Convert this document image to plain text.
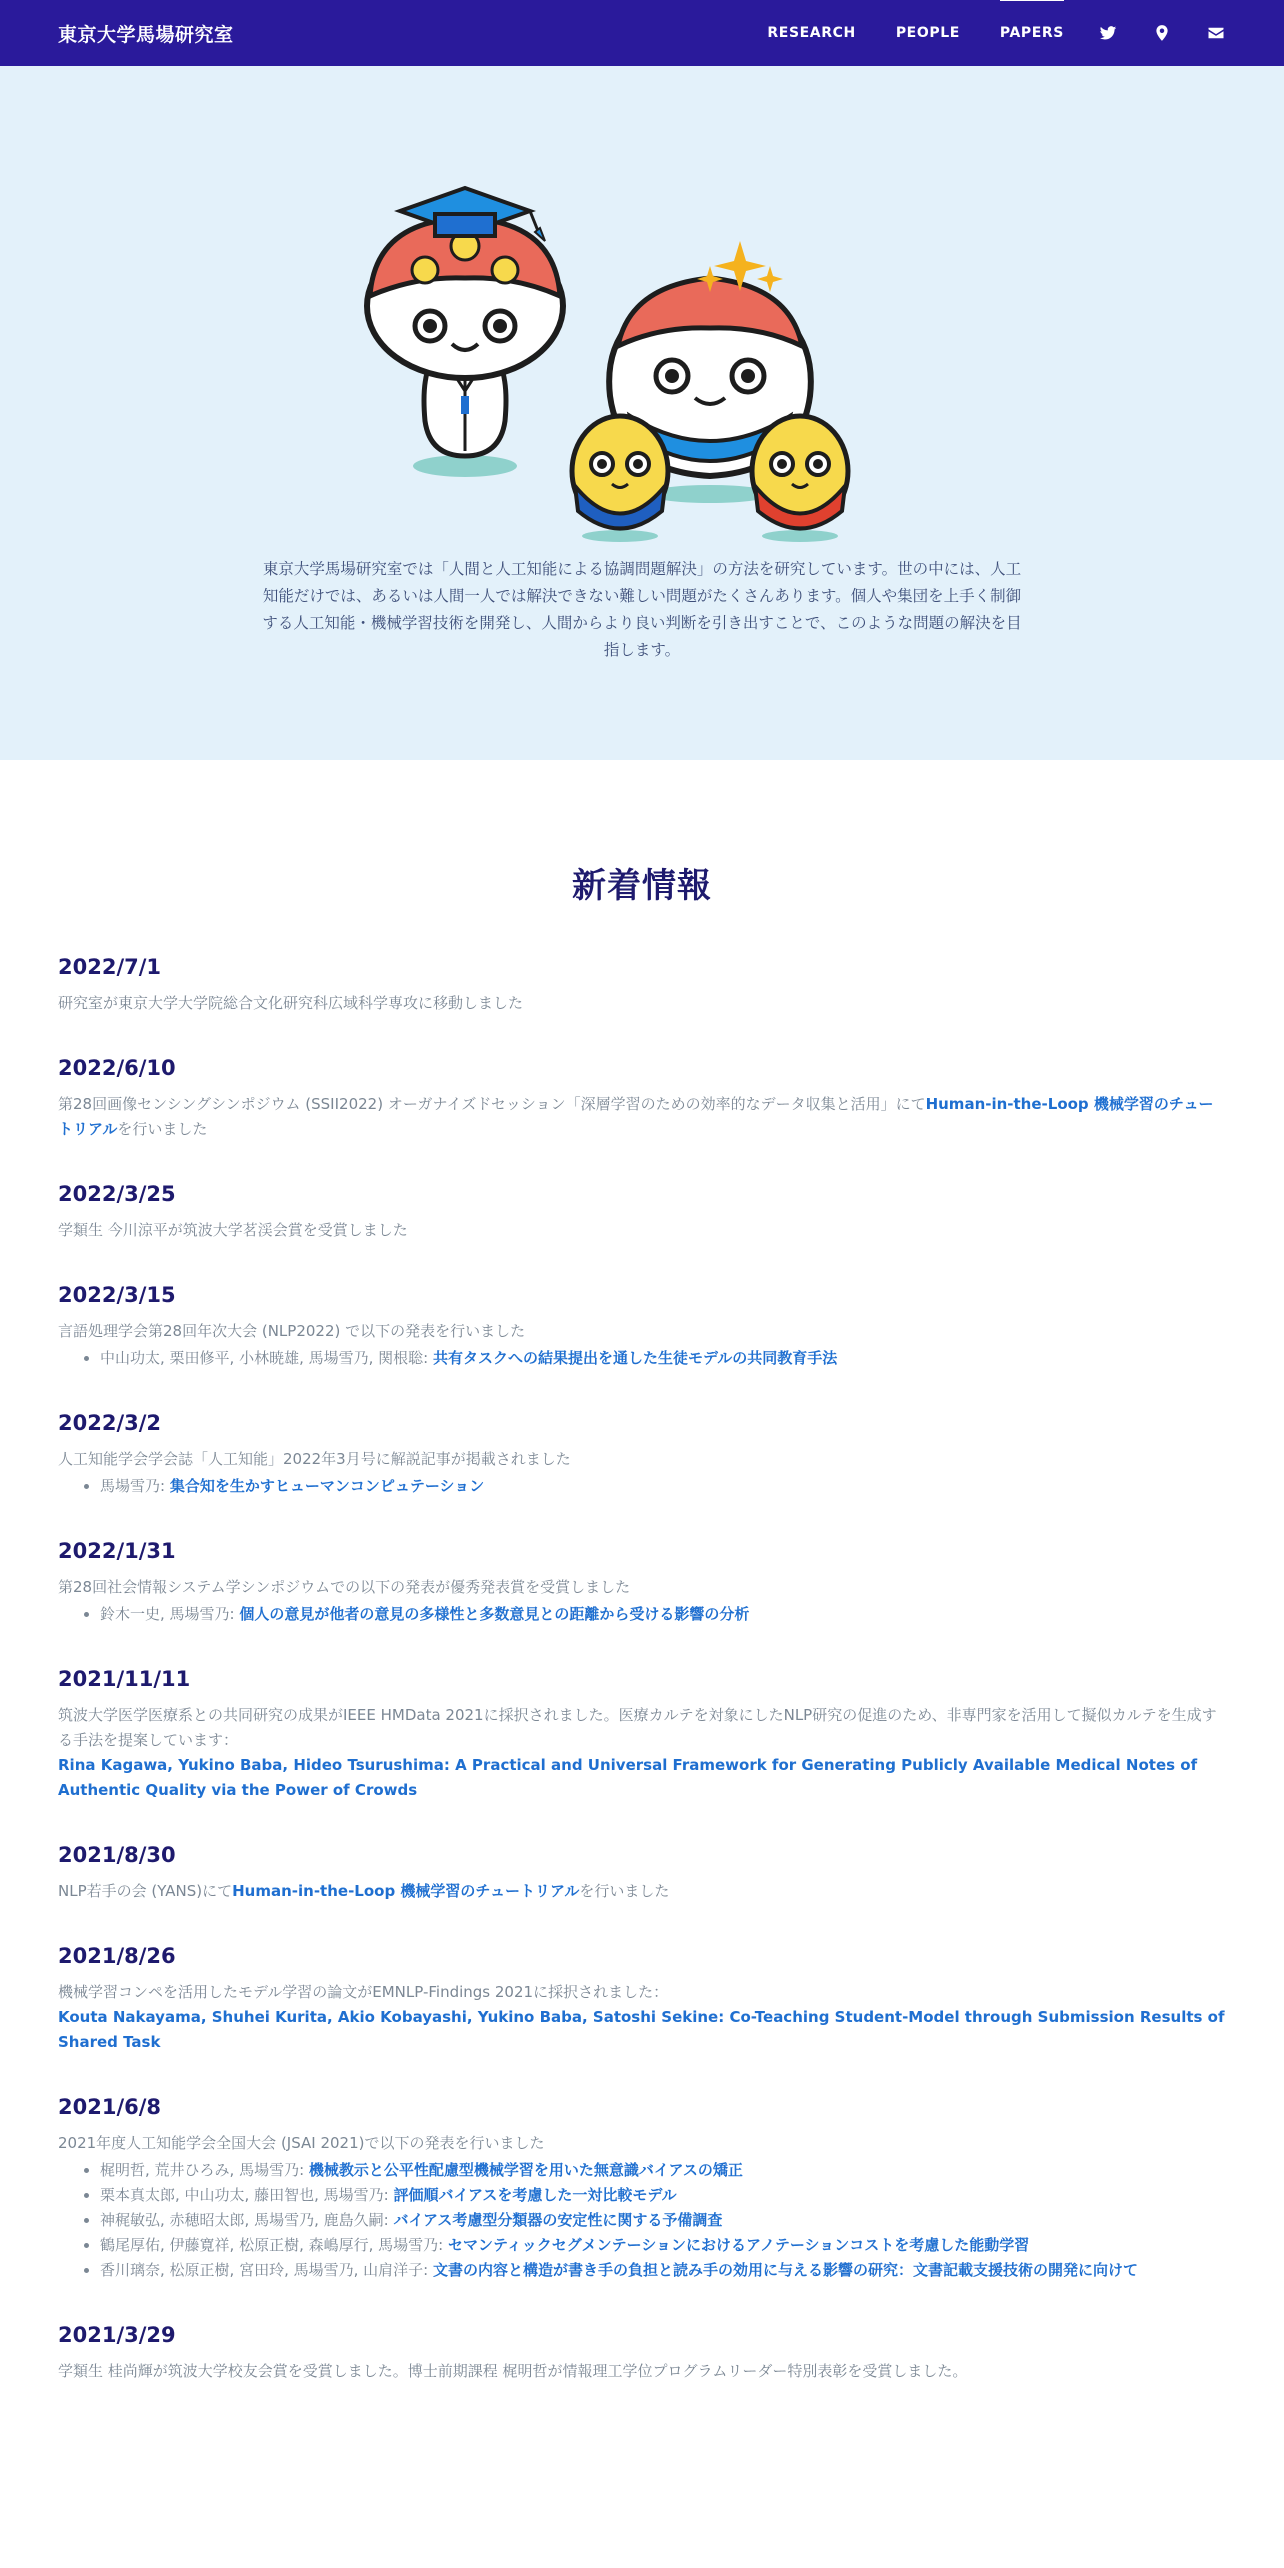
東京大学馬場研究室	RESEARCH	PEOPLE	PAPERS
東京大学馬場研究室では「人間と人工知能による協調問題解決」の方法を研究しています。世の中には、人工知能だけでは、あるいは人間一人では解決できない難しい問題がたくさんあります。個人や集団を上手く制御する人工知能・機械学習技術を開発し、人間からより良い判断を引き出すことで、このような問題の解決を目指します。
新着情報
2022/7/1
研究室が東京大学大学院総合文化研究科広域科学専攻に移動しました
2022/6/10
第28回画像センシングシンポジウム (SSII2022) オーガナイズドセッション「深層学習のための効率的なデータ収集と活用」にてHuman-in-the-Loop 機械学習のチュートリアルを行いました
2022/3/25
学類生 今川涼平が筑波大学茗渓会賞を受賞しました
2022/3/15
言語処理学会第28回年次大会 (NLP2022) で以下の発表を行いました
• 中山功太, 栗田修平, 小林暁雄, 馬場雪乃, 関根聡: 共有タスクへの結果提出を通した生徒モデルの共同教育手法
2022/3/2
人工知能学会学会誌「人工知能」2022年3月号に解説記事が掲載されました
• 馬場雪乃: 集合知を生かすヒューマンコンピュテーション
2022/1/31
第28回社会情報システム学シンポジウムでの以下の発表が優秀発表賞を受賞しました
• 鈴木一史, 馬場雪乃: 個人の意見が他者の意見の多様性と多数意見との距離から受ける影響の分析
2021/11/11
筑波大学医学医療系との共同研究の成果がIEEE HMData 2021に採択されました。医療カルテを対象にしたNLP研究の促進のため、非専門家を活用して擬似カルテを生成する手法を提案しています：
Rina Kagawa, Yukino Baba, Hideo Tsurushima: A Practical and Universal Framework for Generating Publicly Available Medical Notes of Authentic Quality via the Power of Crowds
2021/8/30
NLP若手の会 (YANS)にてHuman-in-the-Loop 機械学習のチュートリアルを行いました
2021/8/26
機械学習コンペを活用したモデル学習の論文がEMNLP-Findings 2021に採択されました：
Kouta Nakayama, Shuhei Kurita, Akio Kobayashi, Yukino Baba, Satoshi Sekine: Co-Teaching Student-Model through Submission Results of Shared Task
2021/6/8
2021年度人工知能学会全国大会 (JSAI 2021)で以下の発表を行いました
• 梶明哲, 荒井ひろみ, 馬場雪乃: 機械教示と公平性配慮型機械学習を用いた無意識バイアスの矯正
• 栗本真太郎, 中山功太, 藤田智也, 馬場雪乃: 評価順バイアスを考慮した一対比較モデル
• 神䅏敏弘, 赤穂昭太郎, 馬場雪乃, 鹿島久嗣: バイアス考慮型分類器の安定性に関する予備調査
• 鶴尾厚佑, 伊藤寛祥, 松原正樹, 森嶋厚行, 馬場雪乃: セマンティックセグメンテーションにおけるアノテーションコストを考慮した能動学習
• 香川璃奈, 松原正樹, 宮田玲, 馬場雪乃, 山肩洋子: 文書の内容と構造が書き手の負担と読み手の効用に与える影響の研究：文書記載支援技術の開発に向けて
2021/3/29
学類生 桂尚輝が筑波大学校友会賞を受賞しました。博士前期課程 梶明哲が情報理工学位プログラムリーダー特別表彰を受賞しました。
